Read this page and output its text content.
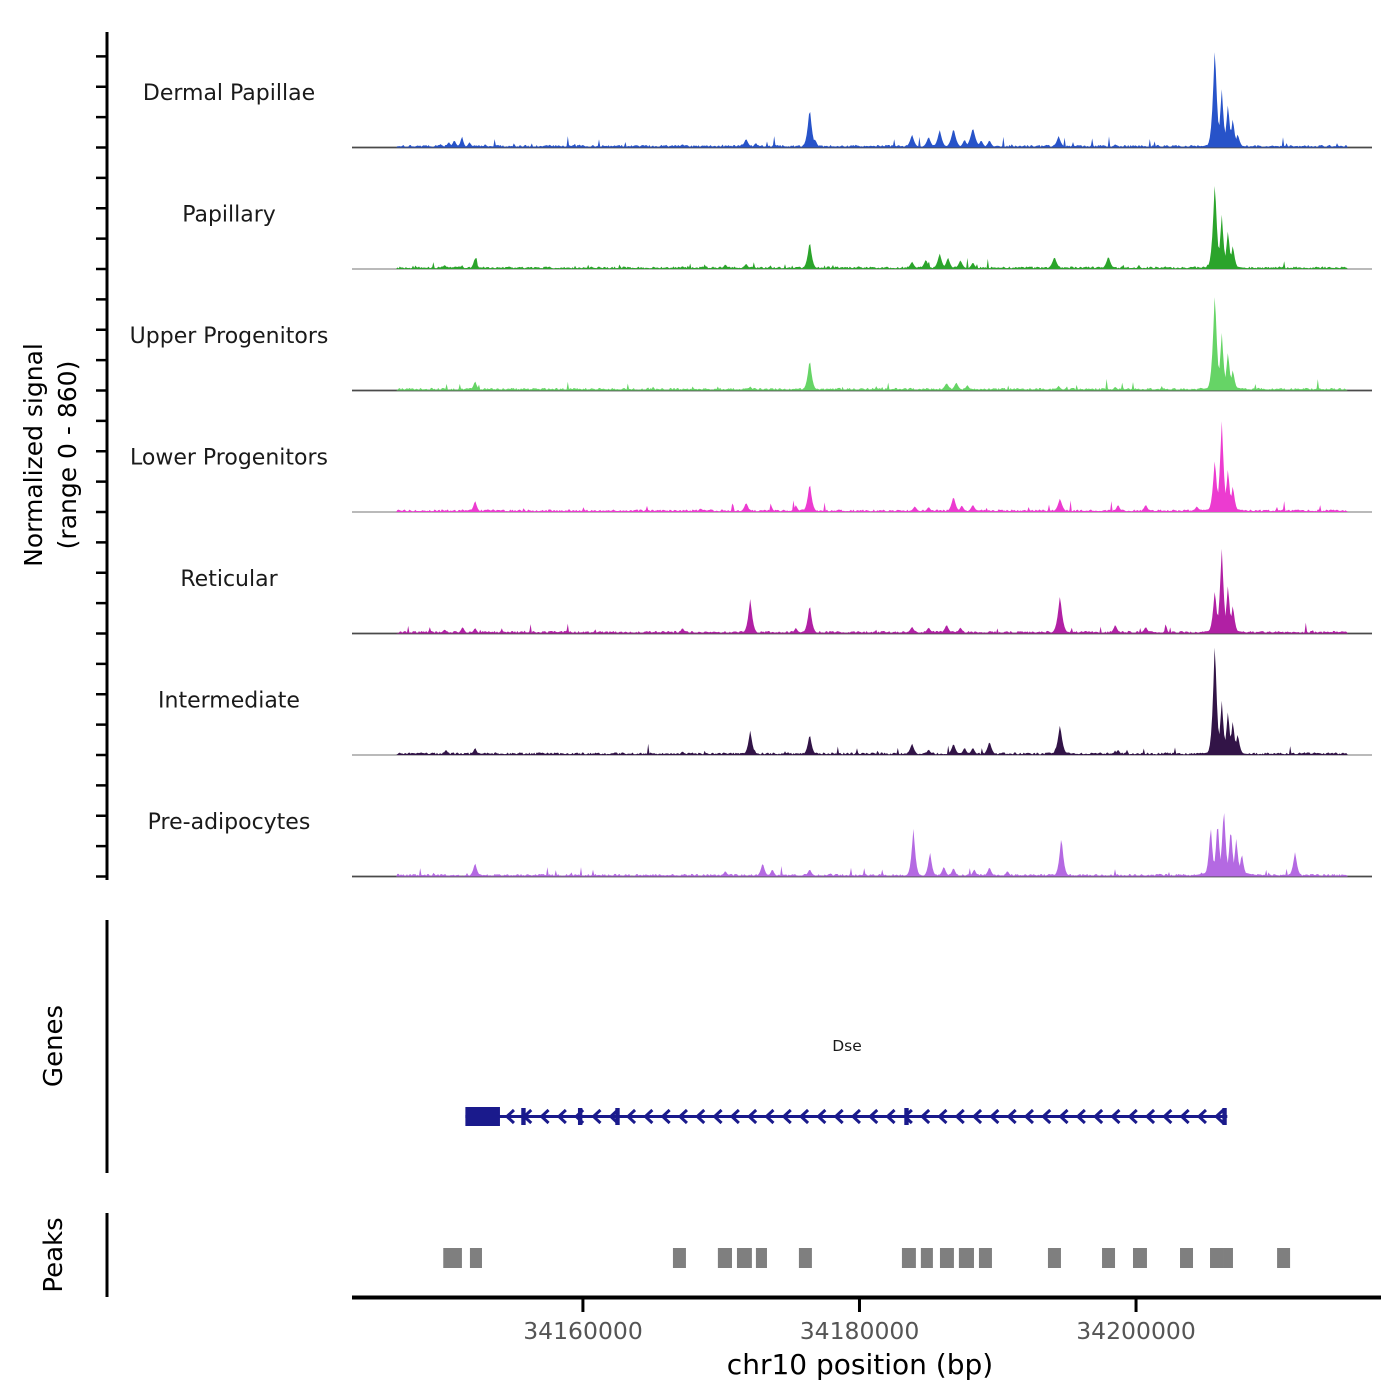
Normalized signal (range 0 - 860)
Dermal Papillae
Papillary
Upper Progenitors
Lower Progenitors
Reticular
Intermediate
Pre-adipocytes
Genes	Dse
Peaks
34160000	34180000	34200000
chr10 position (bp)
